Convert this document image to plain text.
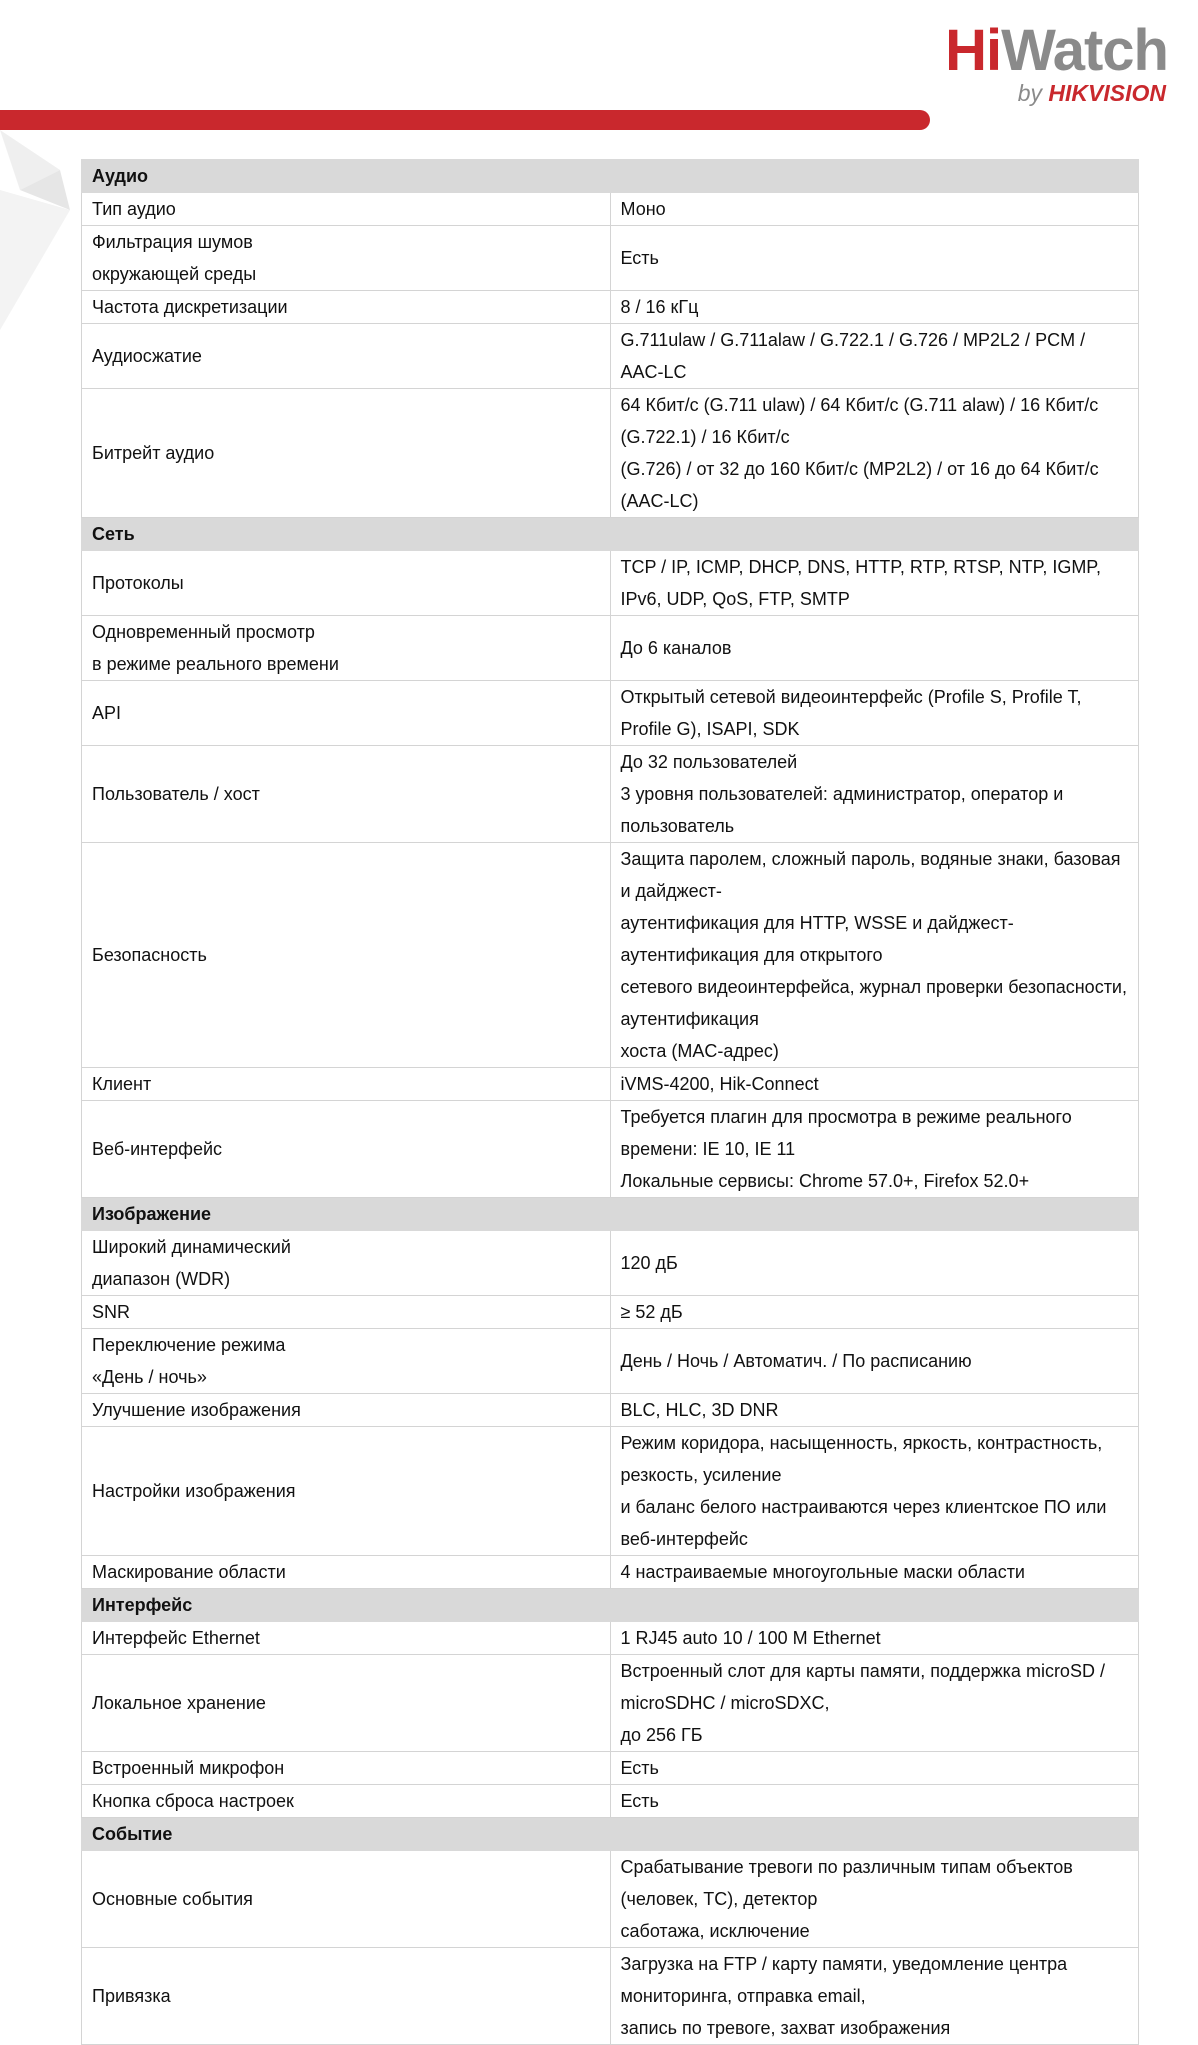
HiWatch
by HIKVISION
Аудио	

Тип аудио	Моно

Фильтрация шумов
окружающей среды	Есть

Частота дискретизации	8 / 16 кГц

Аудиосжатие	G.711ulaw / G.711alaw / G.722.1 / G.726 / MP2L2 / PCM / AAC-LC

Битрейт аудио	64 Кбит/с (G.711 ulaw) / 64 Кбит/с (G.711 alaw) / 16 Кбит/с (G.722.1) / 16 Кбит/с
(G.726) / от 32 до 160 Кбит/с (MP2L2) / от 16 до 64 Кбит/с (AAC-LC)

Сеть	

Протоколы	TCP / IP, ICMP, DHCP, DNS, HTTP, RTP, RTSP, NTP, IGMP, IPv6, UDP, QoS, FTP, SMTP

Одновременный просмотр
в режиме реального времени	До 6 каналов

API	Открытый сетевой видеоинтерфейс (Profile S, Profile T, Profile G), ISAPI, SDK

Пользователь / хост	До 32 пользователей
3 уровня пользователей: администратор, оператор и пользователь

Безопасность	Защита паролем, сложный пароль, водяные знаки, базовая и дайджест-
аутентификация для HTTP, WSSE и дайджест-аутентификация для открытого
сетевого видеоинтерфейса, журнал проверки безопасности, аутентификация
хоста (MAC-адрес)

Клиент	iVMS-4200, Hik-Connect

Веб-интерфейс	Требуется плагин для просмотра в режиме реального времени: IE 10, IE 11
Локальные сервисы: Chrome 57.0+, Firefox 52.0+

Изображение	

Широкий динамический
диапазон (WDR)	120 дБ

SNR	≥ 52 дБ

Переключение режима
«День / ночь»	День / Ночь / Автоматич. / По расписанию

Улучшение изображения	BLC, HLC, 3D DNR

Настройки изображения	Режим коридора, насыщенность, яркость, контрастность, резкость, усиление
и баланс белого настраиваются через клиентское ПО или веб-интерфейс

Маскирование области	4 настраиваемые многоугольные маски области

Интерфейс	

Интерфейс Ethernet	1 RJ45 auto 10 / 100 M Ethernet

Локальное хранение	Встроенный слот для карты памяти, поддержка microSD / microSDHC / microSDXC,
до 256 ГБ

Встроенный микрофон	Есть

Кнопка сброса настроек	Есть

Событие	

Основные события	Срабатывание тревоги по различным типам объектов (человек, ТС), детектор
саботажа, исключение

Привязка	Загрузка на FTP / карту памяти, уведомление центра мониторинга, отправка email,
запись по тревоге, захват изображения
